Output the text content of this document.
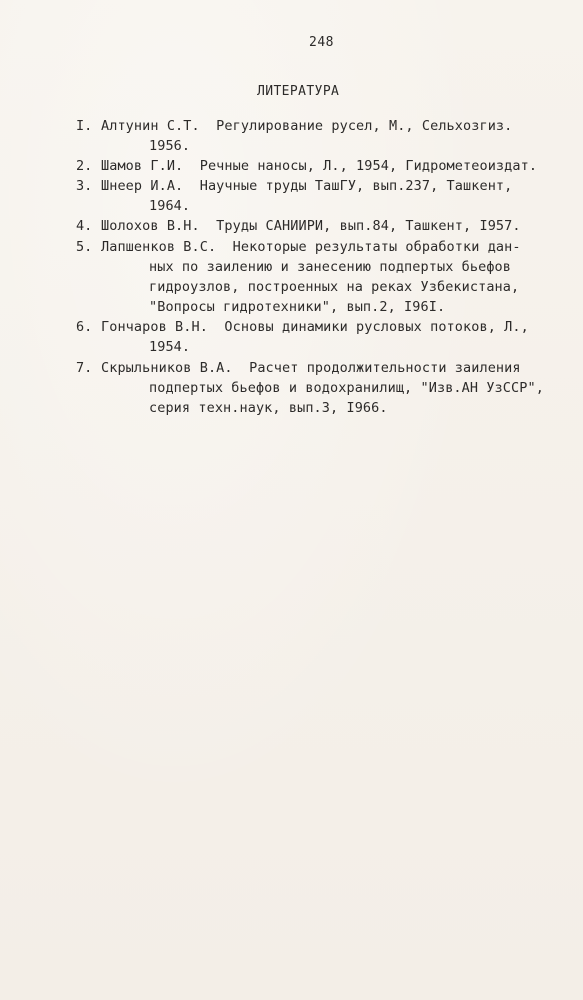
248
ЛИТЕРАТУРА
I. Алтунин С.Т.  Регулирование русел, М., Сельхозгиз.
1956.
2. Шамов Г.И.  Речные наносы, Л., 1954, Гидрометеоиздат.
3. Шнеер И.А.  Научные труды ТашГУ, вып.237, Ташкент,
1964.
4. Шолохов В.Н.  Труды САНИИРИ, вып.84, Ташкент, I957.
5. Лапшенков В.С.  Некоторые результаты обработки дан-
ных по заилению и занесению подпертых бьефов
гидроузлов, построенных на реках Узбекистана,
"Вопросы гидротехники", вып.2, I96I.
6. Гончаров В.Н.  Основы динамики русловых потоков, Л.,
1954.
7. Скрыльников В.А.  Расчет продолжительности заиления
подпертых бьефов и водохранилищ, "Изв.АН УзССР",
серия техн.наук, вып.3, I966.
